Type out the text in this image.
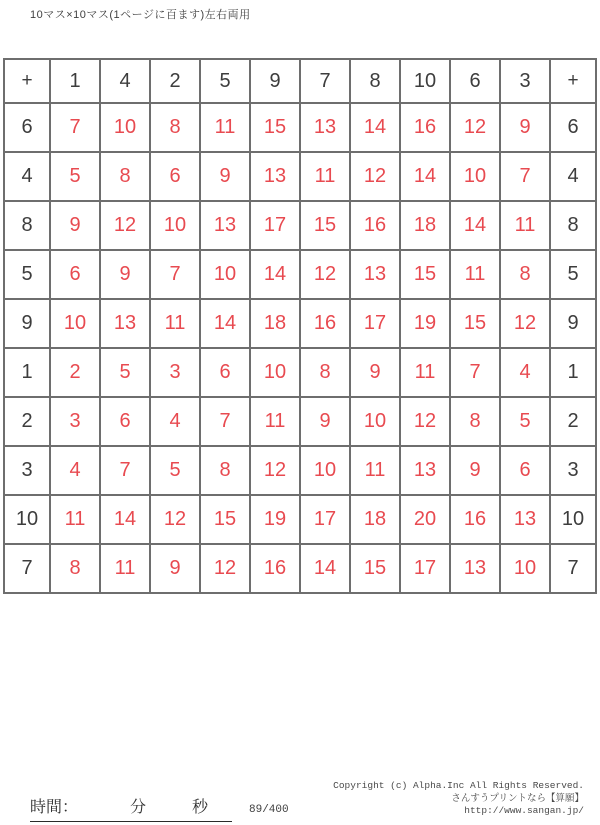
10マス×10マス(1ページに百ます)左右両用
+	1	4	2	5	9	7	8	10	6	3	+
6	7	10	8	11	15	13	14	16	12	9	6
4	5	8	6	9	13	11	12	14	10	7	4
8	9	12	10	13	17	15	16	18	14	11	8
5	6	9	7	10	14	12	13	15	11	8	5
9	10	13	11	14	18	16	17	19	15	12	9
1	2	5	3	6	10	8	9	11	7	4	1
2	3	6	4	7	11	9	10	12	8	5	2
3	4	7	5	8	12	10	11	13	9	6	3
10	11	14	12	15	19	17	18	20	16	13	10
7	8	11	9	12	16	14	15	17	13	10	7
時間：	分	秒	89/400
Copyright (c) Alpha.Inc All Rights Reserved.
さんすうプリントなら【算願】
http://www.sangan.jp/
